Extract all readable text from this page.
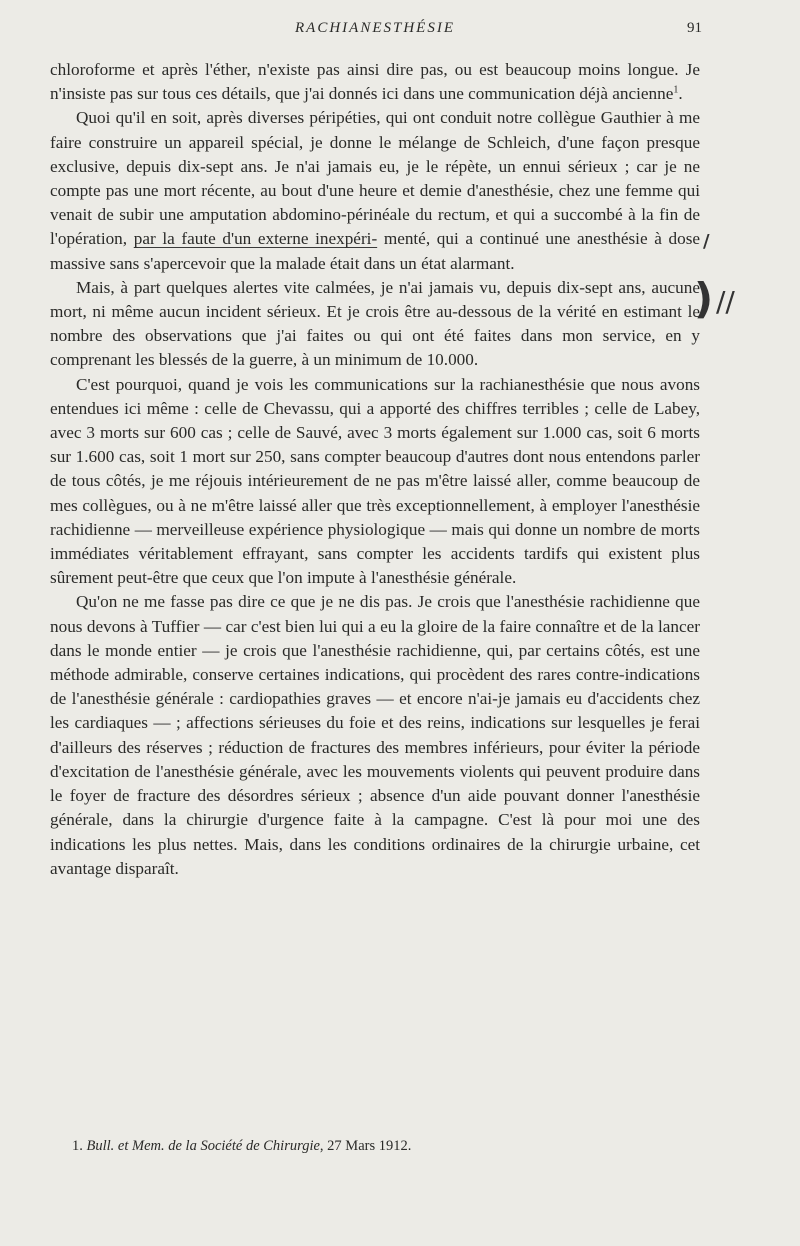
RACHIANESTHÉSIE	91

chloroforme et après l'éther, n'existe pas ainsi dire pas, ou est beaucoup moins longue. Je n'insiste pas sur tous ces détails, que j'ai donnés ici dans une communication déjà ancienne$^1$.

Quoi qu'il en soit, après diverses péripéties, qui ont conduit notre collègue Gauthier à me faire construire un appareil spécial, je donne le mélange de Schleich, d'une façon presque exclusive, depuis dix-sept ans. Je n'ai jamais eu, je le répète, un ennui sérieux ; car je ne compte pas une mort récente, au bout d'une heure et demie d'anesthésie, chez une femme qui venait de subir une amputation abdomino-périnéale du rectum, et qui a succombé à la fin de l'opération, par la faute d'un externe inexpéri- menté, qui a continué une anesthésie à dose massive sans s'apercevoir que la malade était dans un état alarmant.

Mais, à part quelques alertes vite calmées, je n'ai jamais vu, depuis dix-sept ans, aucune mort, ni même aucun incident sérieux. Et je crois être au-dessous de la vérité en estimant le nombre des observations que j'ai faites ou qui ont été faites dans mon service, en y comprenant les blessés de la guerre, à un minimum de 10.000.

C'est pourquoi, quand je vois les communications sur la rachianesthésie que nous avons entendues ici même : celle de Chevassu, qui a apporté des chiffres terribles ; celle de Labey, avec 3 morts sur 600 cas ; celle de Sauvé, avec 3 morts également sur 1.000 cas, soit 6 morts sur 1.600 cas, soit 1 mort sur 250, sans compter beaucoup d'autres dont nous entendons parler de tous côtés, je me réjouis intérieurement de ne pas m'être laissé aller, comme beaucoup de mes collègues, ou à ne m'être laissé aller que très exceptionnellement, à employer l'anesthésie rachidienne — merveilleuse expérience physiologique — mais qui donne un nombre de morts immédiates véritablement effrayant, sans compter les accidents tardifs qui existent plus sûrement peut-être que ceux que l'on impute à l'anesthésie générale.

Qu'on ne me fasse pas dire ce que je ne dis pas. Je crois que l'anesthésie rachidienne que nous devons à Tuffier — car c'est bien lui qui a eu la gloire de la faire connaître et de la lancer dans le monde entier — je crois que l'anesthésie rachidienne, qui, par certains côtés, est une méthode admirable, conserve certaines indications, qui procèdent des rares contre-indications de l'anesthésie générale : cardiopathies graves — et encore n'ai-je jamais eu d'accidents chez les cardiaques — ; affections sérieuses du foie et des reins, indications sur lesquelles je ferai d'ailleurs des réserves ; réduction de fractures des membres inférieurs, pour éviter la période d'excitation de l'anesthésie générale, avec les mouvements violents qui peuvent produire dans le foyer de fracture des désordres sérieux ; absence d'un aide pouvant donner l'anesthésie générale, dans la chirurgie d'urgence faite à la campagne. C'est là pour moi une des indications les plus nettes. Mais, dans les conditions ordinaires de la chirurgie urbaine, cet avantage disparaît.

/
) //
1. Bull. et Mem. de la Société de Chirurgie, 27 Mars 1912.
